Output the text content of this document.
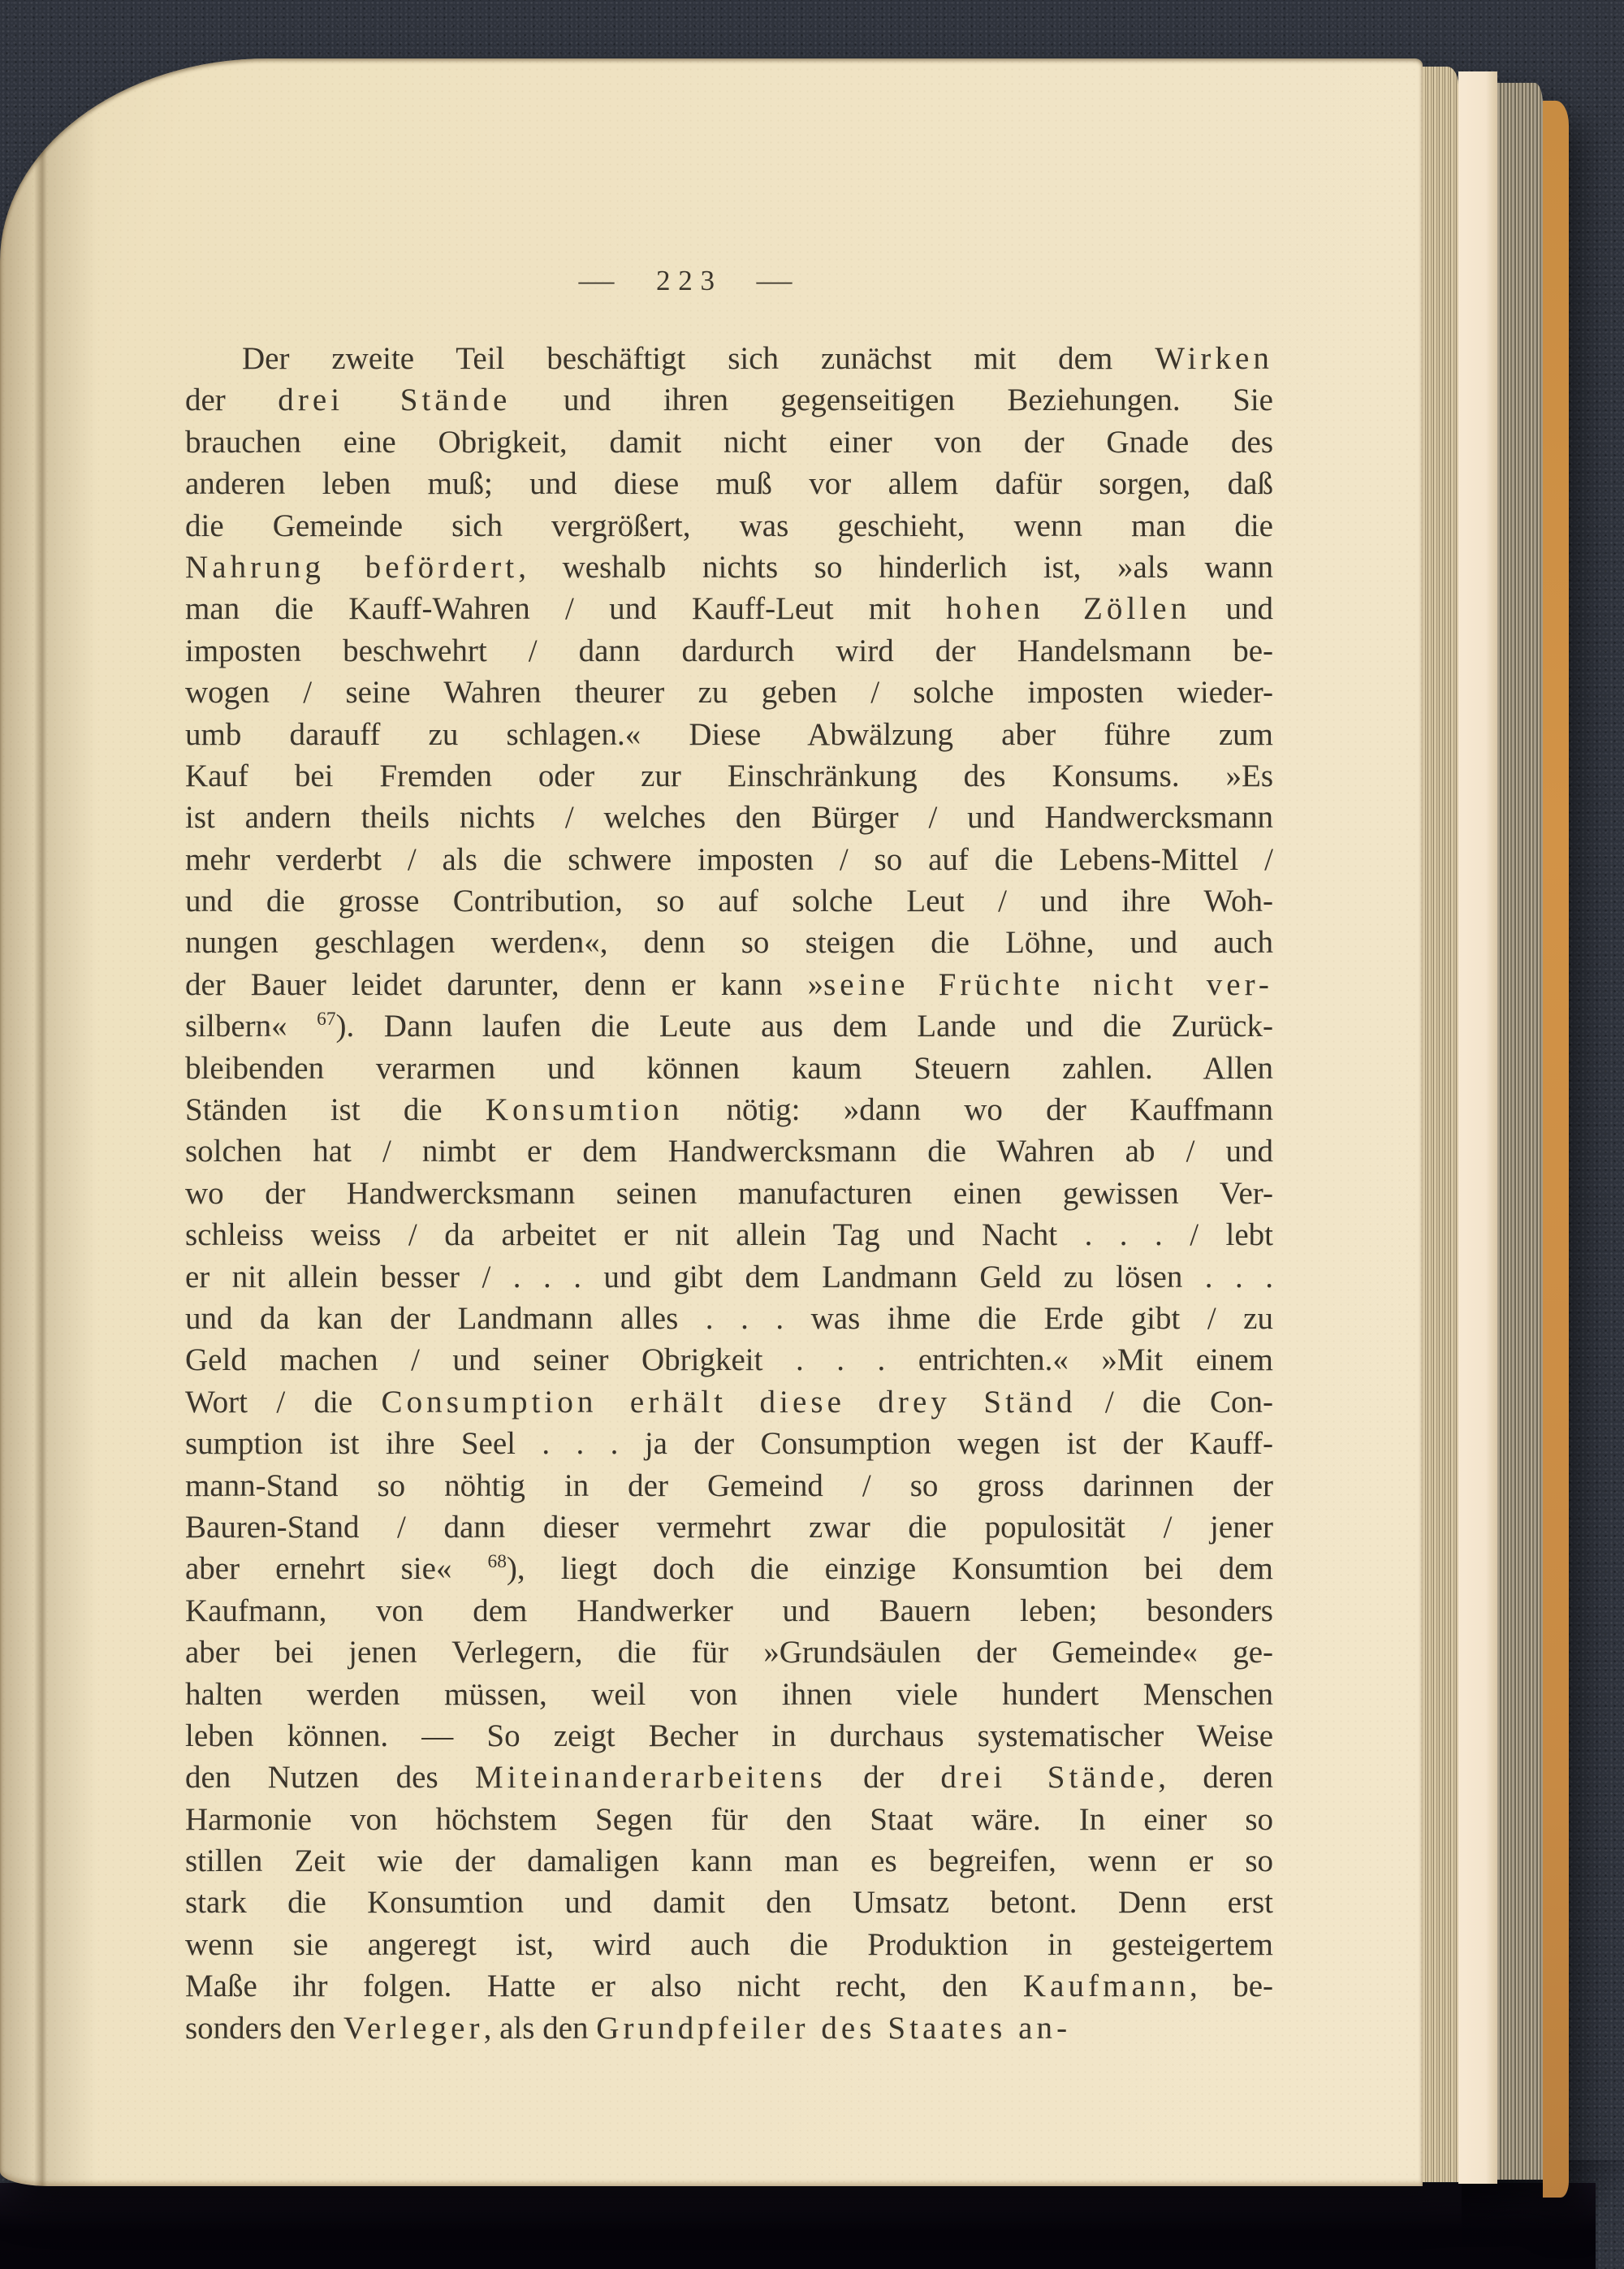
— 223 —
Der zweite Teil beschäftigt sich zunächst mit dem Wirken
der drei Stände und ihren gegenseitigen Beziehungen. Sie
brauchen eine Obrigkeit, damit nicht einer von der Gnade des
anderen leben muß; und diese muß vor allem dafür sorgen, daß
die Gemeinde sich vergrößert, was geschieht, wenn man die
Nahrung befördert, weshalb nichts so hinderlich ist, »als wann
man die Kauff-Wahren / und Kauff-Leut mit hohen Zöllen und
imposten beschwehrt / dann dardurch wird der Handelsmann be-
wogen / seine Wahren theurer zu geben / solche imposten wieder-
umb darauff zu schlagen.« Diese Abwälzung aber führe zum
Kauf bei Fremden oder zur Einschränkung des Konsums. »Es
ist andern theils nichts / welches den Bürger / und Handwercksmann
mehr verderbt / als die schwere imposten / so auf die Lebens-Mittel /
und die grosse Contribution, so auf solche Leut / und ihre Woh-
nungen geschlagen werden«, denn so steigen die Löhne, und auch
der Bauer leidet darunter, denn er kann »seine Früchte nicht ver-
silbern« $^{67}$). Dann laufen die Leute aus dem Lande und die Zurück-
bleibenden verarmen und können kaum Steuern zahlen. Allen
Ständen ist die Konsumtion nötig: »dann wo der Kauffmann
solchen hat / nimbt er dem Handwercksmann die Wahren ab / und
wo der Handwercksmann seinen manufacturen einen gewissen Ver-
schleiss weiss / da arbeitet er nit allein Tag und Nacht . . . / lebt
er nit allein besser / . . . und gibt dem Landmann Geld zu lösen . . .
und da kan der Landmann alles . . . was ihme die Erde gibt / zu
Geld machen / und seiner Obrigkeit . . . entrichten.« »Mit einem
Wort / die Consumption erhält diese drey Ständ / die Con-
sumption ist ihre Seel . . . ja der Consumption wegen ist der Kauff-
mann-Stand so nöhtig in der Gemeind / so gross darinnen der
Bauren-Stand / dann dieser vermehrt zwar die populosität / jener
aber ernehrt sie« $^{68}$), liegt doch die einzige Konsumtion bei dem
Kaufmann, von dem Handwerker und Bauern leben; besonders
aber bei jenen Verlegern, die für »Grundsäulen der Gemeinde« ge-
halten werden müssen, weil von ihnen viele hundert Menschen
leben können. — So zeigt Becher in durchaus systematischer Weise
den Nutzen des Miteinanderarbeitens der drei Stände, deren
Harmonie von höchstem Segen für den Staat wäre. In einer so
stillen Zeit wie der damaligen kann man es begreifen, wenn er so
stark die Konsumtion und damit den Umsatz betont. Denn erst
wenn sie angeregt ist, wird auch die Produktion in gesteigertem
Maße ihr folgen. Hatte er also nicht recht, den Kaufmann, be-
sonders den Verleger, als den Grundpfeiler des Staates an-
